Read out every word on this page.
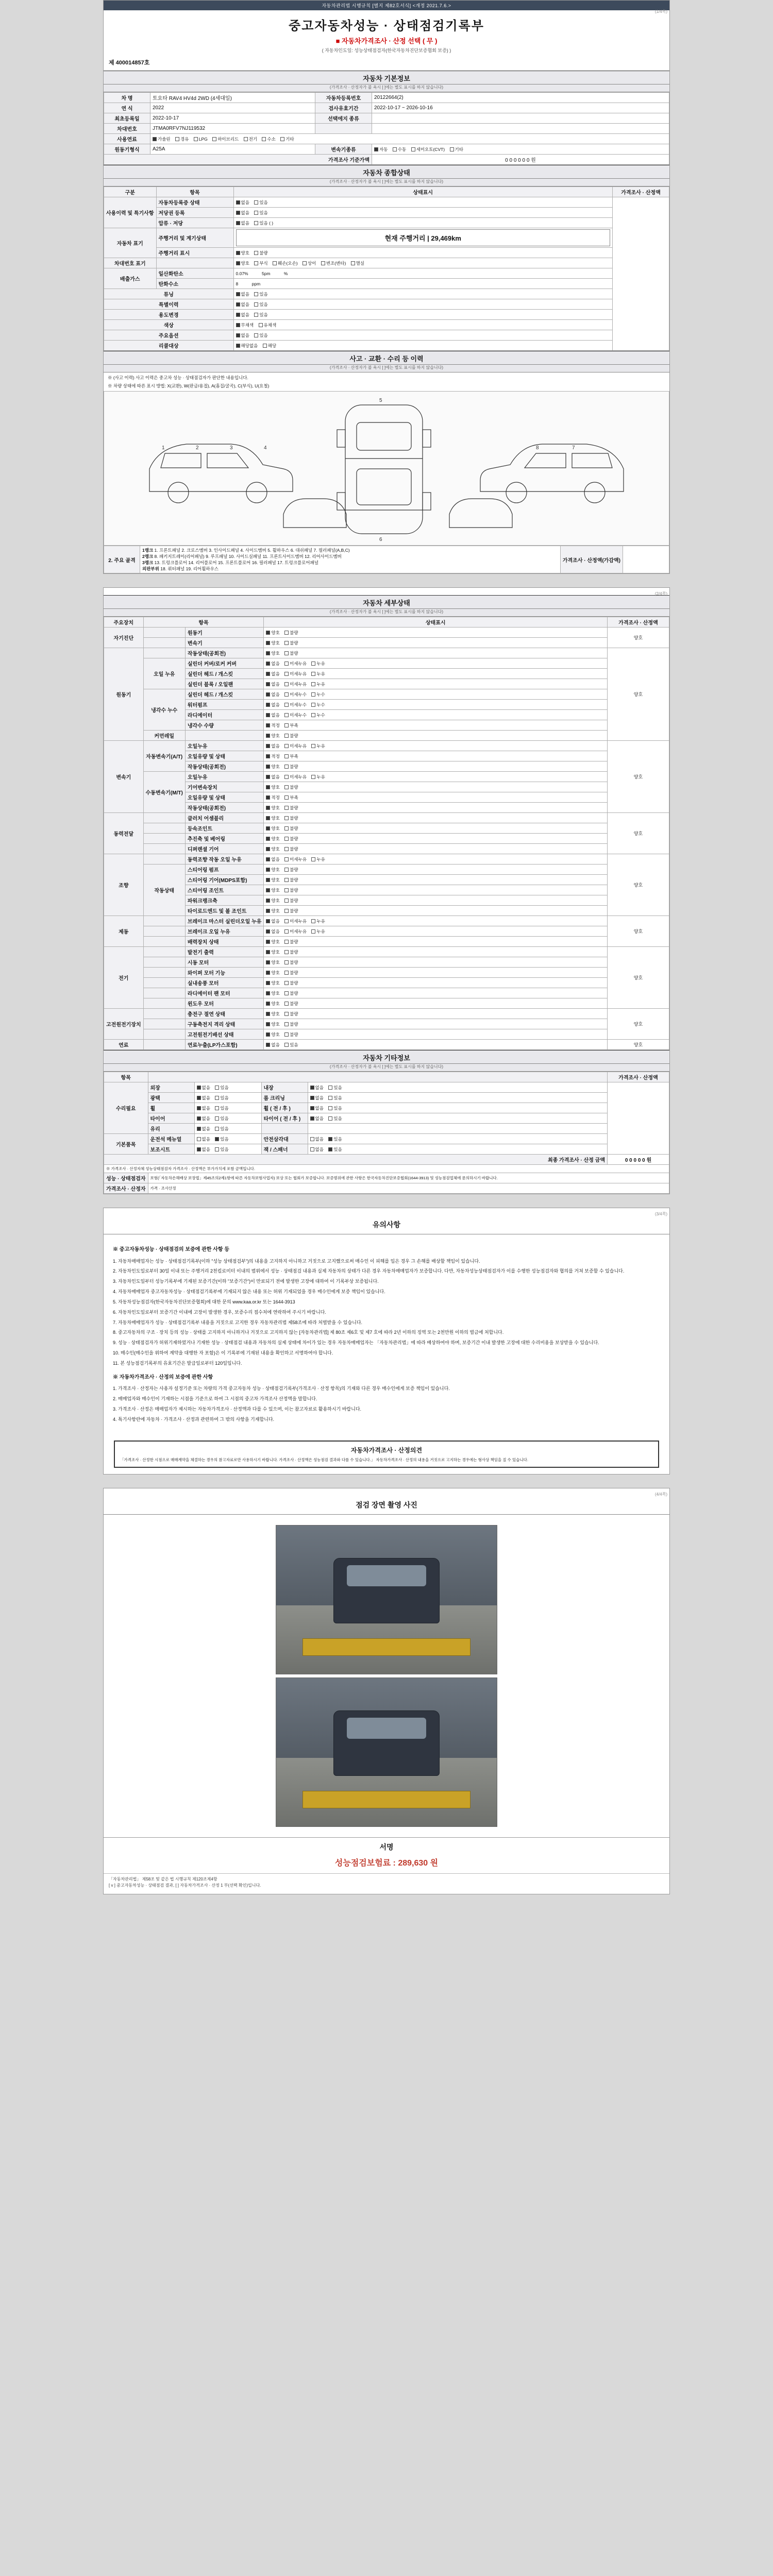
자동차관리법 시행규칙 [별지 제82호서식] <개정 2021.7.6.>
(1/4쪽)
중고자동차성능 · 상태점검기록부
■ 자동차가격조사 · 산정 선택 ( 무 )
( 자동차인도일: 성능상태점검자(한국자동차진단보증협회 보증) )
제 400014857호
자동차 기본정보
(가격조사 · 산정자가 불 욕시 [ ]에는 별도 표시를 하지 않습니다)
차 명	토요타 RAV4 HV4d 2WD (4세대일)	자동차등록번호	20122664(2)
연 식	2022	검사유효기간	2022-10-17 ~ 2026-10-16
최초등록일	2022-10-17	선택에지 종류	
차대번호	JTMA0RFV7NJ119532		
사용연료	가솔린 경유 LPG 하이브리드 전기 수소 기타		
원동기형식	A25A	변속기종류	자동 수동 세미오토(CVT) 기타
가격조사 기준가액			0 0 0 0 0 0 원
자동차 종합상태
(가격조사 · 산정자가 불 욕시 [ ]에는 별도 표시를 하지 않습니다)
구분	항목	상태표시	가격조사 · 산정액
사용이력 및 특기사항	자동차등록증 상태	없음 있음	
	저당권 등록	없음 있음	
	압류 · 저당	없음 있음 ( )	
자동차 표기	주행거리 및 계기상태	현재 주행거리 | 29,469km	

	주행거리 표시	양호 불량	
차대번호 표기		양호 부식 훼손(오손) 상이 변조(변타) 멸실	
배출가스	일산화탄소	0.07% 5pm %	
	탄화수소	8 ppm	
튜닝		없음 있음	
특별이력		없음 있음	
용도변경		없음 있음	
색상		무채색 유채색	
주요옵션		없음 있음	
리콜대상		해당없음 해당	
사고 · 교환 · 수리 등 이력
(가격조사 · 산정자가 불 욕시 [ ]에는 별도 표시를 하지 않습니다)
※ (사고 이력) 사고 이력은 중고차 성능 · 상태점검자가 판단한 내용입니다.
※ 차량 상태에 따른 표시 방법: X(교환), W(판금/용접), A(흠집/굴곡), C(부식), U(요철)
1	2	3	4
5
6
7
8
2. 주요 골격	
1랭크 1. 프론트패널 2. 크로스멤버 3. 인사이드패널 4. 사이드멤버 5. 휠하우스 6. 대쉬패널 7. 필러패널(A,B,C)
2랭크 8. 패키지트레이(리어패널) 9. 루프패널 10. 사이드실패널 11. 프론트사이드멤버 12. 리어사이드멤버
3랭크 13. 트렁크플로어 14. 리어플로어 15. 프론트플로어 16. 필러패널 17. 트렁크플로어패널
외판부위 18. 쿼터패널 19. 리어휠하우스
	가격조사 · 산정액(가감액)	
(2/4쪽)
자동차 세부상태
(가격조사 · 산정자가 불 욕시 [ ]에는 별도 표시를 하지 않습니다)
주요장치	항목		상태표시	가격조사 · 산정액
자기진단		원동기	양호 불량	양호
		변속기	양호 불량	
원동기		작동상태(공회전)	양호 불량	양호
	오일 누유	실린더 커버/로커 커버	없음 미세누유 누유	
		실린더 헤드 / 개스킷	없음 미세누유 누유	
		실린더 블록 / 오일팬	없음 미세누유 누유	
	냉각수 누수	실린더 헤드 / 개스킷	없음 미세누수 누수	
		워터펌프	없음 미세누수 누수	
		라디에이터	없음 미세누수 누수	
		냉각수 수량	적정 부족	
	커먼레일		양호 불량	
변속기	자동변속기(A/T)	오일누유	없음 미세누유 누유	양호
		오일유량 및 상태	적정 부족	
		작동상태(공회전)	양호 불량	
	수동변속기(M/T)	오일누유	없음 미세누유 누유	
		기어변속장치	양호 불량	
		오일유량 및 상태	적정 부족	
		작동상태(공회전)	양호 불량	
동력전달		클러치 어셈블리	양호 불량	양호
		등속조인트	양호 불량	
		추진축 및 베어링	양호 불량	
		디퍼렌셜 기어	양호 불량	
조향		동력조향 작동 오일 누유	없음 미세누유 누유	양호
	작동상태	스티어링 펌프	양호 불량	
		스티어링 기어(MDPS포함)	양호 불량	
		스티어링 조인트	양호 불량	
		파워크랭크축	양호 불량	
		타이로드엔드 및 볼 조인트	양호 불량	
제동		브레이크 마스터 실린더오일 누유	없음 미세누유 누유	양호
		브레이크 오일 누유	없음 미세누유 누유	
		배력장치 상태	양호 불량	
전기		발전기 출력	양호 불량	양호
		시동 모터	양호 불량	
		와이퍼 모터 기능	양호 불량	
		실내송풍 모터	양호 불량	
		라디에이터 팬 모터	양호 불량	
		윈도우 모터	양호 불량	
고전원전기장치		충전구 절연 상태	양호 불량	양호
		구동축전지 격리 상태	양호 불량	
		고전원전기배선 상태	양호 불량	
연료		연료누출(LP가스포함)	없음 있음	양호
자동차 기타정보
(가격조사 · 산정자가 불 욕시 [ ]에는 별도 표시를 하지 않습니다)
항목					가격조사 · 산정액
수리필요	외장	없음 있음	내장	없음 있음	
	광택	없음 있음	룸 크리닝	없음 있음	
	휠	없음 있음	휠 ( 전 / 후 )	없음 있음	
	타이어	없음 있음	타이어 ( 전 / 후 )	없음 있음	
	유리	없음 있음			
기본품목	운전석 메뉴얼	없음 있음	안전삼각대	없음 있음	
	보조시트	없음 있음	잭 / 스패너	없음 있음	
최종 가격조사 · 산정 금액					0 0 0 0 0 원
※ 가격조사 · 산정자체 성능상태점검자 가격조사 · 산정액은 부가가치세 포함 금액입니다.					
성능 · 상태점검자	보험(「자동차손해배상 보장법」제45조의2제1항에 따른 자동차보험사업자) 보상 또는 협회가 보증합니다. 보증범위에 관한 사항은 한국자동차진단보증협회(1644-3913) 및 성능점검업체에 문의하시기 바랍니다.				
가격조사 · 산정자	가격 · 조사산정				
(3/4쪽)
유의사항
※ 중고자동차성능 · 상태점검의 보증에 관한 사항 등

1. 자동차매매업자는 성능 · 상태점검기록부(이하 "성능 상태점검부")의 내용을 고지하지 아니하고 거짓으로 고지했으로써 매수인 이 피해를 입은 경우 그 손해를 배상할 책임이 있습니다.

2. 자동차인도일로부터 30일 이내 또는 주행거리 2천킬로미터 이내의 범위에서 성능 · 상태점검 내용과 실제 자동차의 상태가 다른 경우 자동차매매업자가 보증합니다. 다만, 자동차성능상태점검자가 이를 수행한 성능점검자와 협의를 거쳐 보증할 수 있습니다.

3. 자동차인도일부터 성능기록부에 기재된 보증기간(이하 "보증기간")이 만료되기 전에 발생한 고장에 대하여 이 기록부상 보증됩니다.

4. 자동차매매업자 중고자동차성능 · 상태점검기록부에 기재되지 않은 내용 또는 허위 기재되었을 경우 매수인에게 보증 책임이 있습니다.

5. 자동차성능점검자(한국자동차진단보증협회)에 대한 문의 www.kaa.or.kr 또는 1644-3913

6. 자동차인도일로부터 보증기간 이내에 고장이 발생한 경우, 보증수리 접수처에 연락하여 주시기 바랍니다.

7. 자동차매매업자가 성능 · 상태점검기록부 내용을 거짓으로 고지한 경우 자동차관리법 제58조에 따라 처벌받을 수 있습니다.

8. 중고자동차의 구조 · 장치 등의 성능 · 상태를 고지하지 아니하거나 거짓으로 고지하지 않는 [자동차관리법] 제 80조 제6호 및 제7 호에 따라 2년 이하의 징역 또는 2천만원 이하의 벌금에 처합니다.

9. 성능 · 상태점검자가 허위기재하였거나 기재한 성능 · 상태점검 내용과 자동차의 실제 상태에 차이가 있는 경우 자동차매매업자는 「자동차관리법」에 따라 배상하여야 하며, 보증기간 이내 발생한 고장에 대한 수리비용을 보상받을 수 있습니다.

10. 매수인(매수인을 위하여 계약을 대행한 자 포함)은 이 기록부에 기재된 내용을 확인하고 서명하여야 합니다.

11. 본 성능점검기록부의 유효기간은 발급일로부터 120일입니다.

※ 자동차가격조사 · 산정의 보증에 관한 사항

1. 가격조사 · 산정자는 사용자 설정기준 또는 차량의 가격 중고자동차 성능 · 상태점검기록부(가격조사 · 산정 항목)의 기재와 다른 경우 매수인에게 보증 책임이 있습니다.

2. 매매업자와 매수인이 기재하는 시점을 기준으로 하여 그 시점의 중고차 가격조사 산정액을 말합니다.

3. 가격조사 · 산정은 매매업자가 제시하는 자동차가격조사 · 산정액과 다를 수 있으며, 이는 참고자료로 활용하시기 바랍니다.

4. 특기사항란에 자동차 · 가격조사 · 산정과 관련하여 그 밖의 사항을 기재합니다.

자동차가격조사 · 산정의견
「가격조사 · 산정한 시점으로 매매계약을 체결하는 경우의 참고자료로만 사용하시기 바랍니다. 가격조사 · 산정액은 성능점검 결과와 다를 수 있습니다.」 자동차가격조사 · 산정의 내용을 거짓으로 고지하는 경우에는 형사상 책임을 질 수 있습니다.
(4/4쪽)
점검 장면 촬영 사진
서명
성능점검보험료 : 289,630 원
「자동차관리법」 제58조 및 같은 법 시행규칙 제120조제4항
[ v ] 중고자동차성능 · 상태점검 결과, [ ] 자동차가격조사 · 산정 1 부(선택 확인)입니다.
